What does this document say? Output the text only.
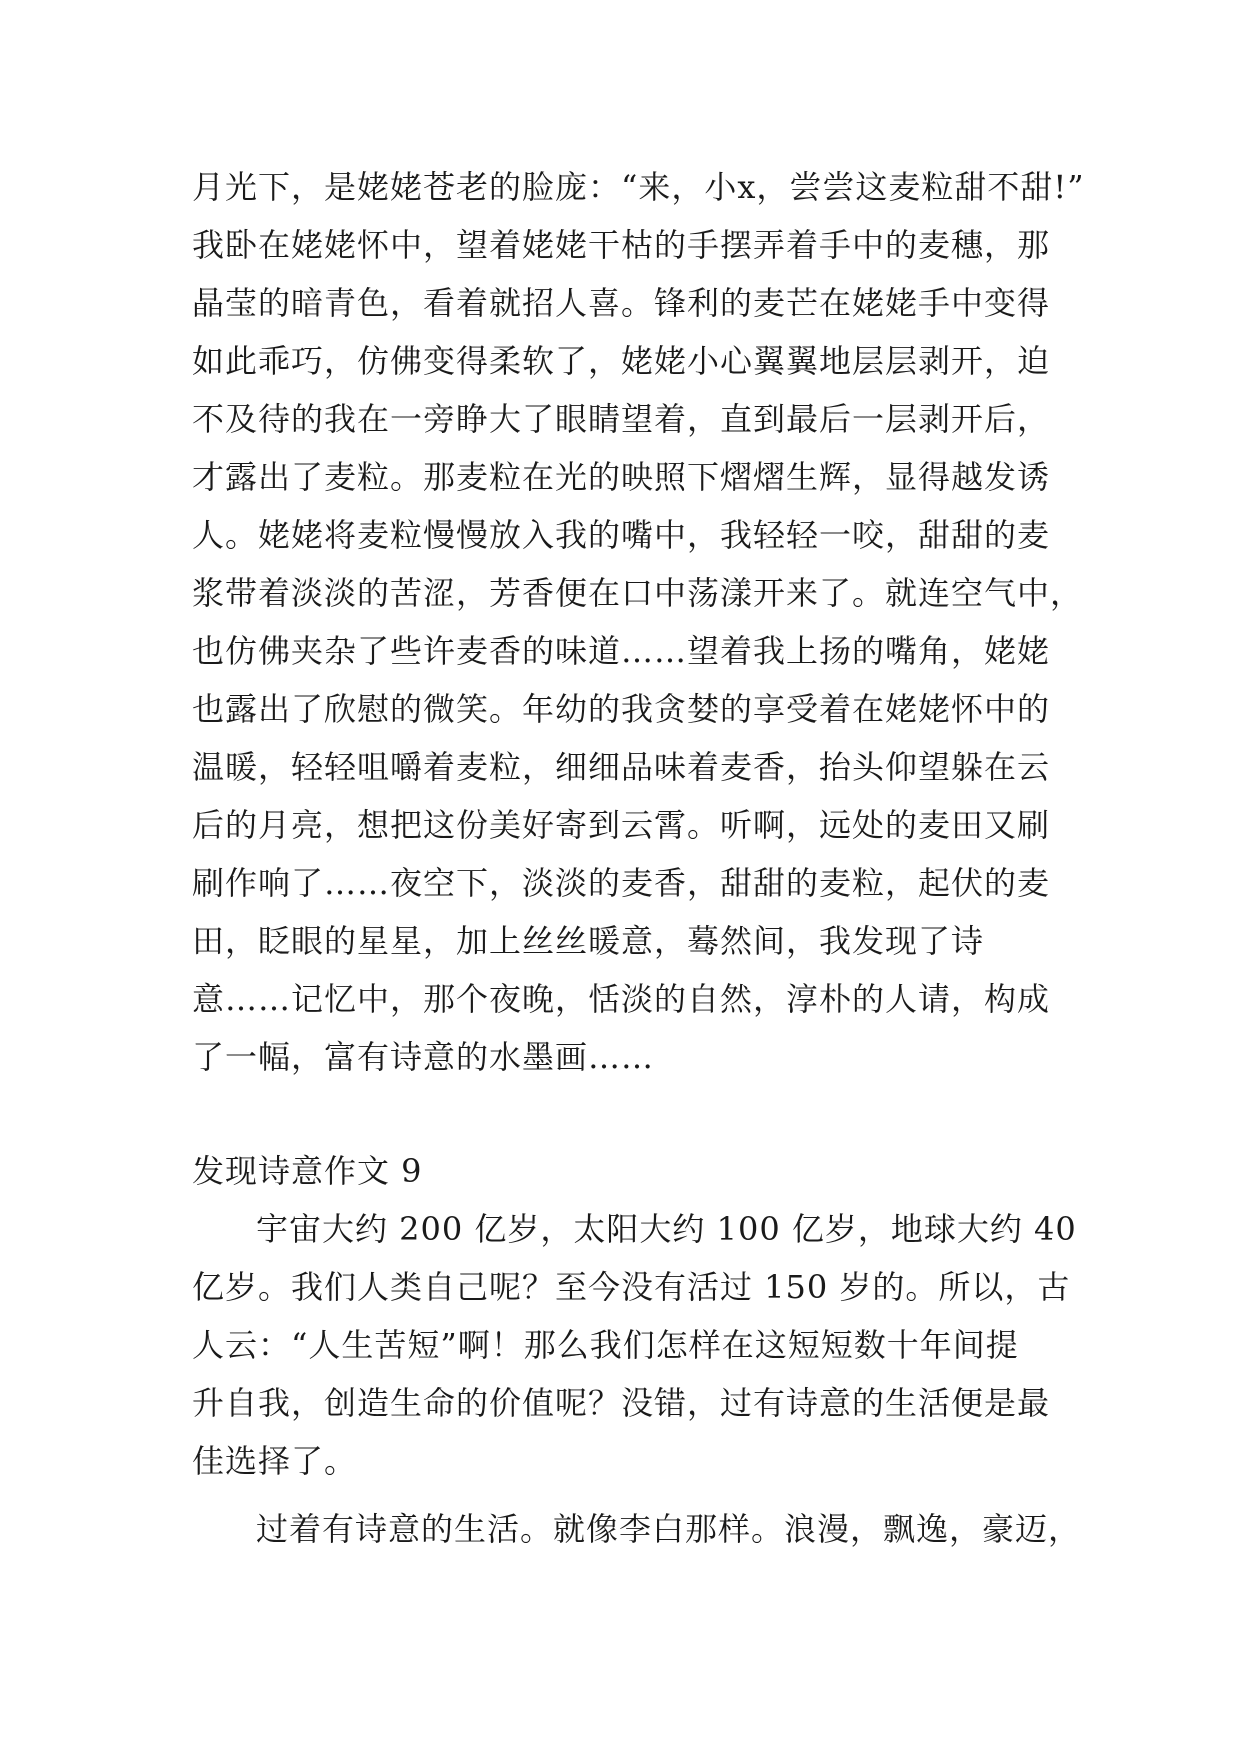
月光下，是姥姥苍老的脸庞：“来，小x，尝尝这麦粒甜不甜!”
我卧在姥姥怀中，望着姥姥干枯的手摆弄着手中的麦穗，那
晶莹的暗青色，看着就招人喜。锋利的麦芒在姥姥手中变得
如此乖巧，仿佛变得柔软了，姥姥小心翼翼地层层剥开，迫
不及待的我在一旁睁大了眼睛望着，直到最后一层剥开后，
才露出了麦粒。那麦粒在光的映照下熠熠生辉，显得越发诱
人。姥姥将麦粒慢慢放入我的嘴中，我轻轻一咬，甜甜的麦
浆带着淡淡的苦涩，芳香便在口中荡漾开来了。就连空气中，
也仿佛夹杂了些许麦香的味道……望着我上扬的嘴角，姥姥
也露出了欣慰的微笑。年幼的我贪婪的享受着在姥姥怀中的
温暖，轻轻咀嚼着麦粒，细细品味着麦香，抬头仰望躲在云
后的月亮，想把这份美好寄到云霄。听啊，远处的麦田又刷
刷作响了……夜空下，淡淡的麦香，甜甜的麦粒，起伏的麦
田，眨眼的星星，加上丝丝暖意，蓦然间，我发现了诗
意……记忆中，那个夜晚，恬淡的自然，淳朴的人请，构成
了一幅，富有诗意的水墨画……
发现诗意作文 9
宇宙大约 200 亿岁，太阳大约 100 亿岁，地球大约 40
亿岁。我们人类自己呢？至今没有活过 150 岁的。所以，古
人云：“人生苦短”啊！那么我们怎样在这短短数十年间提
升自我，创造生命的价值呢？没错，过有诗意的生活便是最
佳选择了。
过着有诗意的生活。就像李白那样。浪漫，飘逸，豪迈，
